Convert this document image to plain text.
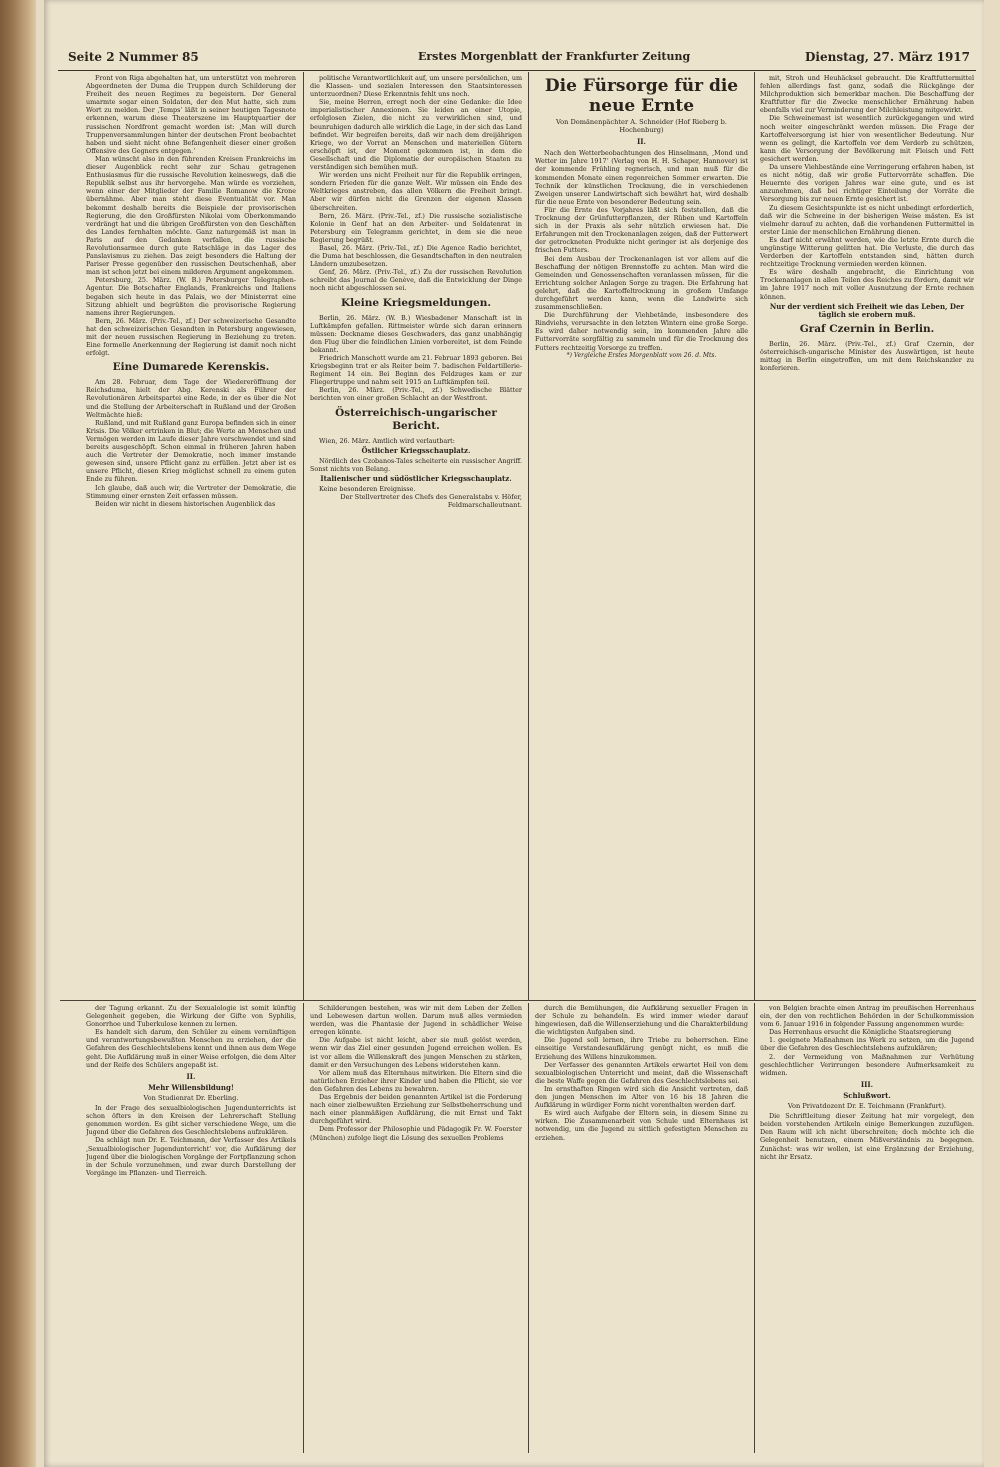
Seite 2 Nummer 85	Erstes Morgenblatt der Frankfurter Zeitung	Dienstag, 27. März 1917

Front von Riga abgehalten hat, um unterstützt von mehreren Abgeordneten der Duma die Truppen durch Schilderung der Freiheit des neuen Regimes zu begeistern. Der General umarmte sogar einen Soldaten, der den Mut hatte, sich zum Wort zu melden. Der ‚Temps‘ läßt in seiner heutigen Tagesnote erkennen, warum diese Theaterszene im Hauptquartier der russischen Nordfront gemacht worden ist: ‚Man will durch Truppenversammlungen hinter der deutschen Front beobachtet haben und sieht nicht ohne Befangenheit dieser einer großen Offensive des Gegners entgegen.‘

Man wünscht also in den führenden Kreisen Frankreichs im dieser Augenblick recht sehr zur Schau getragenen Enthusiasmus für die russische Revolution keineswegs, daß die Republik selbst aus ihr hervorgehe. Man würde es vorziehen, wenn einer der Mitglieder der Familie Romanow die Krone übernähme. Aber man steht diese Eventualität vor. Man bekommt deshalb bereits die Beispiele der provisorischen Regierung, die den Großfürsten Nikolai vom Oberkommando verdrängt hat und die übrigen Großfürsten von den Geschäften des Landes fernhalten möchte. Ganz naturgemäß ist man in Paris auf den Gedanken verfallen, die russische Revolutionsarmee durch gute Ratschläge in das Lager des Panslavismus zu ziehen. Das zeigt besonders die Haltung der Pariser Presse gegenüber den russischen Deutschenhaß, aber man ist schon jetzt bei einem milderen Argument angekommen.

Petersburg, 25. März. (W. B.) Petersburger Telegraphen-Agentur. Die Botschafter Englands, Frankreichs und Italiens begaben sich heute in das Palais, wo der Ministerrat eine Sitzung abhielt und begrüßten die provisorische Regierung namens ihrer Regierungen.

Bern, 26. März. (Priv.-Tel., zf.) Der schweizerische Gesandte hat den schweizerischen Gesandten in Petersburg angewiesen, mit der neuen russischen Regierung in Beziehung zu treten. Eine formelle Anerkennung der Regierung ist damit noch nicht erfolgt.

Eine Dumarede Kerenskis.

Am 28. Februar, dem Tage der Wiedereröffnung der Reichsduma, hielt der Abg. Kerenski als Führer der Revolutionären Arbeitspartei eine Rede, in der es über die Not und die Stellung der Arbeiterschaft in Rußland und der Großen Weltmächte hieß:

Rußland, und mit Rußland ganz Europa befinden sich in einer Krisis. Die Völker ertrinken in Blut; die Werte an Menschen und Vermögen werden im Laufe dieser Jahre verschwendet und sind bereits ausgeschöpft. Schon einmal in früheren Jahren haben auch die Vertreter der Demokratie, noch immer imstande gewesen sind, unsere Pflicht ganz zu erfüllen. Jetzt aber ist es unsere Pflicht, diesen Krieg möglichst schnell zu einem guten Ende zu führen.

Ich glaube, daß auch wir, die Vertreter der Demokratie, die Stimmung einer ernsten Zeit erfassen müssen.

Beiden wir nicht in diesem historischen Augenblick das

politische Verantwortlichkeit auf, um unsere persönlichen, um die Klassen- und sozialen Interessen den Staatsinteressen unterzuordnen? Diese Erkenntnis fehlt uns noch.

Sie, meine Herren, erregt noch der eine Gedanke: die Idee imperialistischer Annexionen. Sie leiden an einer Utopie, erfolglosen Zielen, die nicht zu verwirklichen sind, und beunruhigen dadurch alle wirklich die Lage, in der sich das Land befindet. Wir begreifen bereits, daß wir nach dem dreijährigen Kriege, wo der Vorrat an Menschen und materiellen Gütern erschöpft ist, der Moment gekommen ist, in dem die Gesellschaft und die Diplomatie der europäischen Staaten zu verständigen sich bemühen muß.

Wir werden uns nicht Freiheit nur für die Republik erringen, sondern Frieden für die ganze Welt. Wir müssen ein Ende des Weltkrieges anstreben, das allen Völkern die Freiheit bringt. Aber wir dürfen nicht die Grenzen der eigenen Klassen überschreiten.

Bern, 26. März. (Priv.-Tel., zf.) Die russische sozialistische Kolonie in Genf hat an den Arbeiter- und Soldatenrat in Petersburg ein Telegramm gerichtet, in dem sie die neue Regierung begrüßt.

Basel, 26. März. (Priv.-Tel., zf.) Die Agence Radio berichtet, die Duma hat beschlossen, die Gesandtschaften in den neutralen Ländern umzubesetzen.

Genf, 26. März. (Priv.-Tel., zf.) Zu der russischen Revolution schreibt das Journal de Genève, daß die Entwicklung der Dinge noch nicht abgeschlossen sei.

Kleine Kriegsmeldungen.

Berlin, 26. März. (W. B.) Wiesbadener Manschaft ist in Luftkämpfen gefallen. Rittmeister würde sich daran erinnern müssen: Deckname dieses Geschwaders, das ganz unabhängig den Flug über die feindlichen Linien vorbereitet, ist dem Feinde bekannt.

Friedrich Manschott wurde am 21. Februar 1893 geboren. Bei Kriegsbeginn trat er als Reiter beim 7. badischen Feldartillerie-Regiment 14 ein. Bei Beginn des Feldzuges kam er zur Fliegertruppe und nahm seit 1915 an Luftkämpfen teil.

Berlin, 26. März. (Priv.-Tel., zf.) Schwedische Blätter berichten von einer großen Schlacht an der Westfront.

Österreichisch-ungarischer Bericht.

Wien, 26. März. Amtlich wird verlautbart:

Östlicher Kriegsschauplatz.

Nördlich des Czobanos-Tales scheiterte ein russischer Angriff. Sonst nichts von Belang.

Italienischer und südöstlicher Kriegsschauplatz.

Keine besonderen Ereignisse.

Der Stellvertreter des Chefs des Generalstabs v. Höfer, Feldmarschalleutnant.
Die Fürsorge für die neue Ernte
Von Domänenpächter A. Schneider (Hof Rieberg b. Hochenburg)
II.

Nach den Wetterbeobachtungen des Hinselmann, ‚Mond und Wetter im Jahre 1917‘ (Verlag von H. H. Schaper, Hannover) ist der kommende Frühling regnerisch, und man muß für die kommenden Monate einen regenreichen Sommer erwarten. Die Technik der künstlichen Trocknung, die in verschiedenen Zweigen unserer Landwirtschaft sich bewährt hat, wird deshalb für die neue Ernte von besonderer Bedeutung sein.

Für die Ernte des Vorjahres läßt sich feststellen, daß die Trocknung der Grünfutterpflanzen, der Rüben und Kartoffeln sich in der Praxis als sehr nützlich erwiesen hat. Die Erfahrungen mit den Trockenanlagen zeigen, daß der Futterwert der getrockneten Produkte nicht geringer ist als derjenige des frischen Futters.

Bei dem Ausbau der Trockenanlagen ist vor allem auf die Beschaffung der nötigen Brennstoffe zu achten. Man wird die Gemeinden und Genossenschaften veranlassen müssen, für die Errichtung solcher Anlagen Sorge zu tragen. Die Erfahrung hat gelehrt, daß die Kartoffeltrocknung in großem Umfange durchgeführt werden kann, wenn die Landwirte sich zusammenschließen.

Die Durchführung der Viehbetände, insbesondere des Rindviehs, verursachte in den letzten Wintern eine große Sorge. Es wird daher notwendig sein, im kommenden Jahre alle Futtervorräte sorgfältig zu sammeln und für die Trocknung des Futters rechtzeitig Vorsorge zu treffen.

*) Vergleiche Erstes Morgenblatt vom 26. d. Mts.

mit, Stroh und Heuhäcksel gebraucht. Die Kraftfuttermittel fehlen allerdings fast ganz, sodaß die Rückgänge der Milchproduktion sich bemerkbar machen. Die Beschaffung der Kraftfutter für die Zwecke menschlicher Ernährung haben ebenfalls viel zur Verminderung der Milchleistung mitgewirkt.

Die Schweinemast ist wesentlich zurückgegangen und wird noch weiter eingeschränkt werden müssen. Die Frage der Kartoffelversorgung ist hier von wesentlicher Bedeutung. Nur wenn es gelingt, die Kartoffeln vor dem Verderb zu schützen, kann die Versorgung der Bevölkerung mit Fleisch und Fett gesichert werden.

Da unsere Viehbestände eine Verringerung erfahren haben, ist es nicht nötig, daß wir große Futtervorräte schaffen. Die Heuernte des vorigen Jahres war eine gute, und es ist anzunehmen, daß bei richtiger Einteilung der Vorräte die Versorgung bis zur neuen Ernte gesichert ist.

Zu diesem Gesichtspunkte ist es nicht unbedingt erforderlich, daß wir die Schweine in der bisherigen Weise mästen. Es ist vielmehr darauf zu achten, daß die vorhandenen Futtermittel in erster Linie der menschlichen Ernährung dienen.

Es darf nicht erwähnt werden, wie die letzte Ernte durch die ungünstige Witterung gelitten hat. Die Verluste, die durch das Verderben der Kartoffeln entstanden sind, hätten durch rechtzeitige Trocknung vermieden werden können.

Es wäre deshalb angebracht, die Einrichtung von Trockenanlagen in allen Teilen des Reiches zu fördern, damit wir im Jahre 1917 noch mit voller Ausnutzung der Ernte rechnen können.

Nur der verdient sich Freiheit wie das Leben, Der täglich sie erobern muß.
Graf Czernin in Berlin.

Berlin, 26. März. (Priv.-Tel., zf.) Graf Czernin, der österreichisch-ungarische Minister des Auswärtigen, ist heute mittag in Berlin eingetroffen, um mit dem Reichskanzler zu konferieren.

der Tagung erkannt. Zu der Sexualologie ist somit künftig Gelegenheit gegeben, die Wirkung der Gifte von Syphilis, Gonorrhoe und Tuberkulose kennen zu lernen.

Es handelt sich darum, den Schüler zu einem vernünftigen und verantwortungsbewußten Menschen zu erziehen, der die Gefahren des Geschlechtslebens kennt und ihnen aus dem Wege geht. Die Aufklärung muß in einer Weise erfolgen, die dem Alter und der Reife des Schülers angepaßt ist.

II.
Mehr Willensbildung!
Von Studienrat Dr. Eberling.

In der Frage des sexualbiologischen Jugendunterrichts ist schon öfters in den Kreisen der Lehrerschaft Stellung genommen worden. Es gibt sicher verschiedene Wege, um die Jugend über die Gefahren des Geschlechtslebens aufzuklären.

Da schlägt nun Dr. E. Teichmann, der Verfasser des Artikels ‚Sexualbiologischer Jugendunterricht‘ vor, die Aufklärung der Jugend über die biologischen Vorgänge der Fortpflanzung schon in der Schule vorzunehmen, und zwar durch Darstellung der Vorgänge im Pflanzen- und Tierreich.

Schilderungen bestehen, was wir mit dem Leben der Zellen und Lebewesen dartun wollen. Darum muß alles vermieden werden, was die Phantasie der Jugend in schädlicher Weise erregen könnte.

Die Aufgabe ist nicht leicht, aber sie muß gelöst werden, wenn wir das Ziel einer gesunden Jugend erreichen wollen. Es ist vor allem die Willenskraft des jungen Menschen zu stärken, damit er den Versuchungen des Lebens widerstehen kann.

Vor allem muß das Elternhaus mitwirken. Die Eltern sind die natürlichen Erzieher ihrer Kinder und haben die Pflicht, sie vor den Gefahren des Lebens zu bewahren.

Das Ergebnis der beiden genannten Artikel ist die Forderung nach einer zielbewußten Erziehung zur Selbstbeherrschung und nach einer planmäßigen Aufklärung, die mit Ernst und Takt durchgeführt wird.

Dem Professor der Philosophie und Pädagogik Fr. W. Foerster (München) zufolge liegt die Lösung des sexuellen Problems

durch die Bemühungen, die Aufklärung sexueller Fragen in der Schule zu behandeln. Es wird immer wieder darauf hingewiesen, daß die Willenserziehung und die Charakterbildung die wichtigsten Aufgaben sind.

Die Jugend soll lernen, ihre Triebe zu beherrschen. Eine einseitige Verstandesaufklärung genügt nicht, es muß die Erziehung des Willens hinzukommen.

Der Verfasser des genannten Artikels erwartet Heil von dem sexualbiologischen Unterricht und meint, daß die Wissenschaft die beste Waffe gegen die Gefahren des Geschlechtslebens sei.

Im ernsthaften Ringen wird sich die Ansicht vertreten, daß den jungen Menschen im Alter von 16 bis 18 Jahren die Aufklärung in würdiger Form nicht vorenthalten werden darf.

Es wird auch Aufgabe der Eltern sein, in diesem Sinne zu wirken. Die Zusammenarbeit von Schule und Elternhaus ist notwendig, um die Jugend zu sittlich gefestigten Menschen zu erziehen.

von Belgien brachte einen Antrag im preußischen Herrenhaus ein, der den von rechtlichen Behörden in der Schulkommission vom 6. Januar 1916 in folgender Fassung angenommen wurde:

Das Herrenhaus ersucht die Königliche Staatsregierung

1. geeignete Maßnahmen ins Werk zu setzen, um die Jugend über die Gefahren des Geschlechtslebens aufzuklären;

2. der Vermeidung von Maßnahmen zur Verhütung geschlechtlicher Verirrungen besondere Aufmerksamkeit zu widmen.

III.
Schlußwort.
Von Privatdozent Dr. E. Teichmann (Frankfurt).

Die Schriftleitung dieser Zeitung hat mir vorgelegt, den beiden vorstehenden Artikeln einige Bemerkungen zuzufügen. Den Raum will ich nicht überschreiten; doch möchte ich die Gelegenheit benutzen, einem Mißverständnis zu begegnen. Zunächst: was wir wollen, ist eine Ergänzung der Erziehung, nicht ihr Ersatz.
